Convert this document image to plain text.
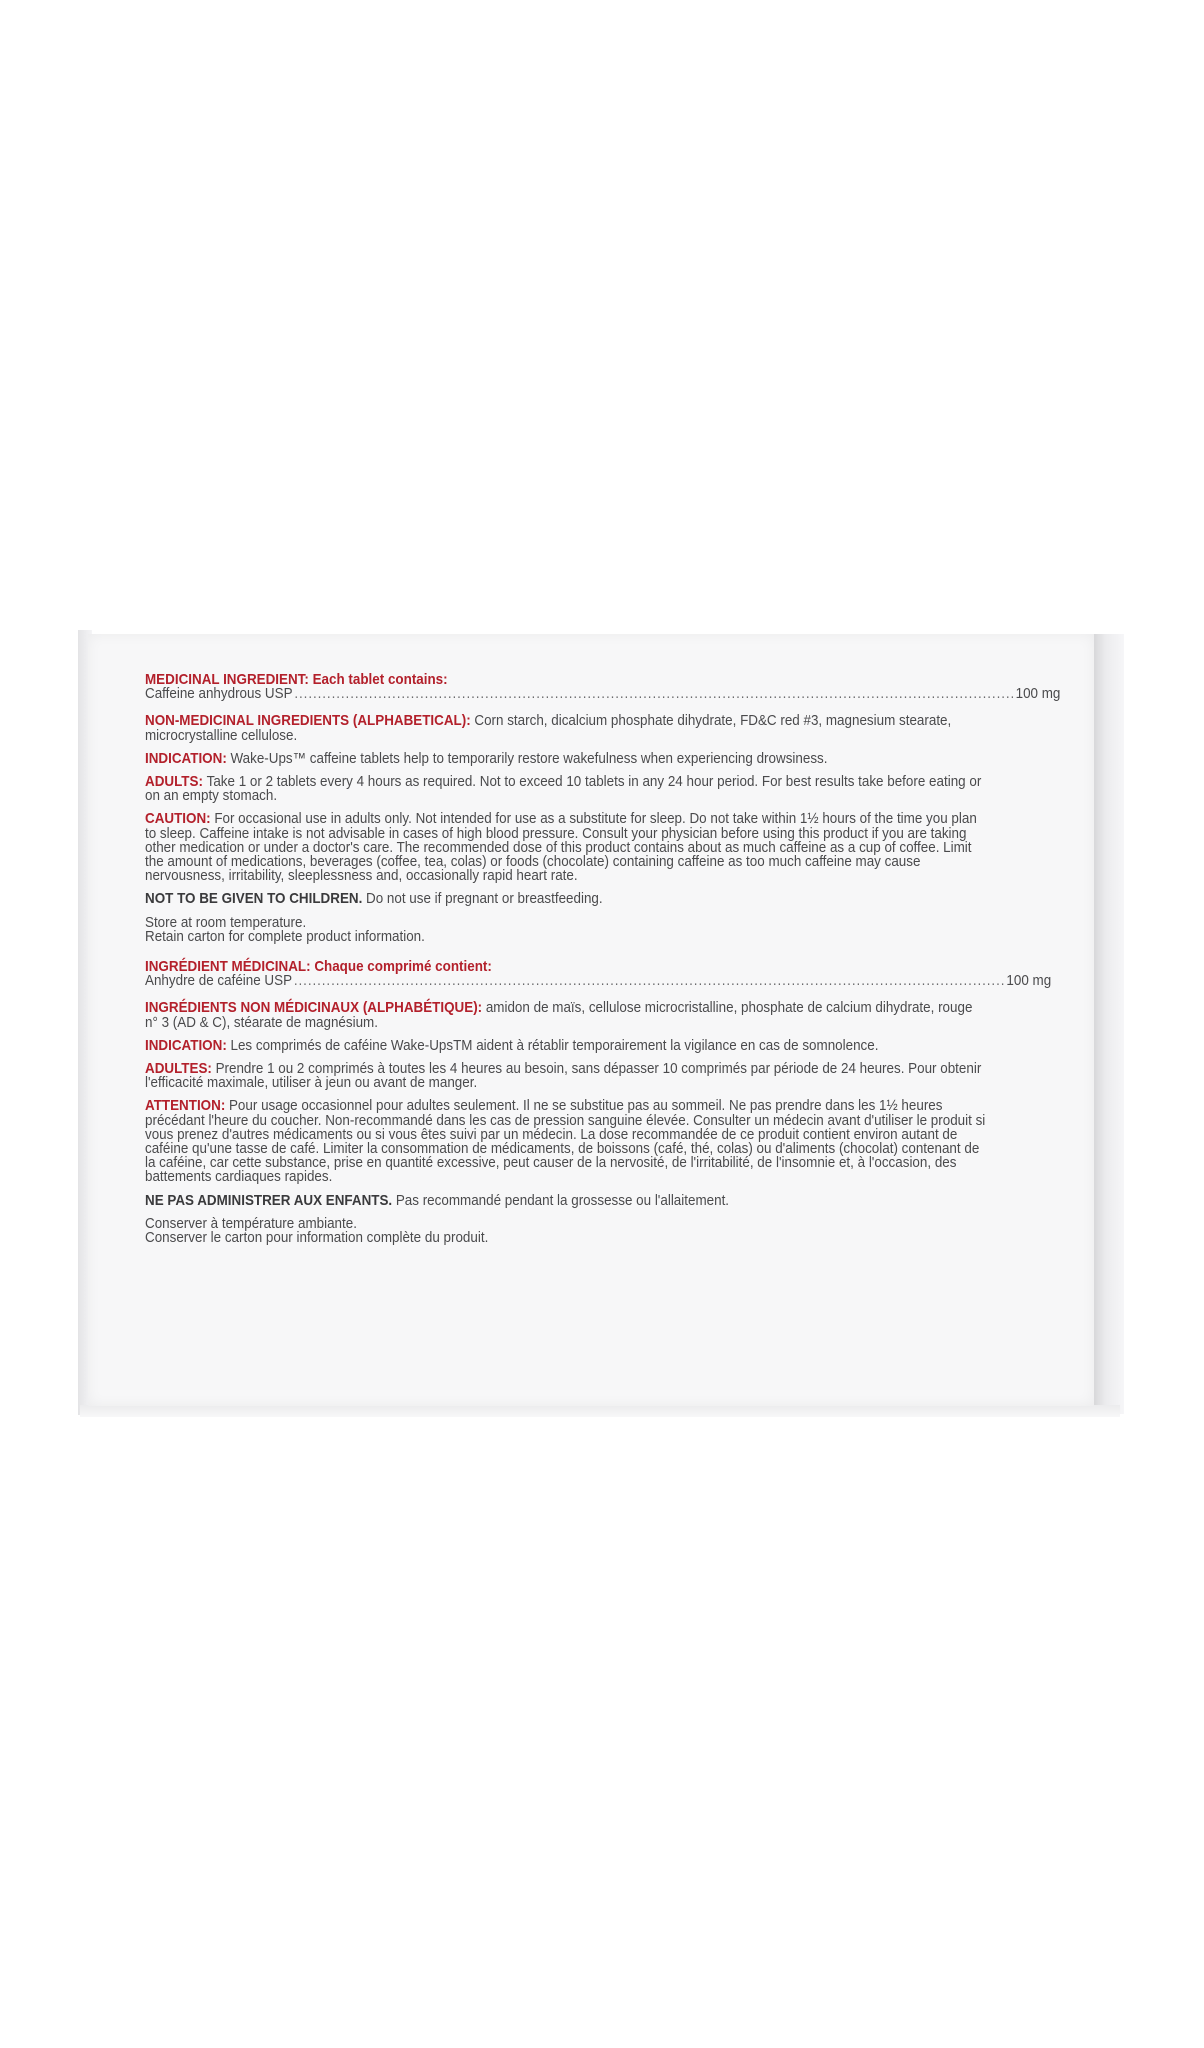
MEDICINAL INGREDIENT: Each tablet contains:

Caffeine anhydrous USP .....	100 mg

NON-MEDICINAL INGREDIENTS (ALPHABETICAL): Corn starch, dicalcium phosphate dihydrate, FD&C red #3, magnesium stearate, microcrystalline cellulose.

INDICATION: Wake-Ups™ caffeine tablets help to temporarily restore wakefulness when experiencing drowsiness.

ADULTS: Take 1 or 2 tablets every 4 hours as required. Not to exceed 10 tablets in any 24 hour period. For best results take before eating or on an empty stomach.

CAUTION: For occasional use in adults only. Not intended for use as a substitute for sleep. Do not take within 1½ hours of the time you plan to sleep. Caffeine intake is not advisable in cases of high blood pressure. Consult your physician before using this product if you are taking other medication or under a doctor's care. The recommended dose of this product contains about as much caffeine as a cup of coffee. Limit the amount of medications, beverages (coffee, tea, colas) or foods (chocolate) containing caffeine as too much caffeine may cause nervousness, irritability, sleeplessness and, occasionally rapid heart rate.

NOT TO BE GIVEN TO CHILDREN. Do not use if pregnant or breastfeeding.

Store at room temperature.

Retain carton for complete product information.

INGRÉDIENT MÉDICINAL: Chaque comprimé contient:

Anhydre de caféine USP .....	100 mg

INGRÉDIENTS NON MÉDICINAUX (ALPHABÉTIQUE): amidon de maïs, cellulose microcristalline, phosphate de calcium dihydrate, rouge n° 3 (AD & C), stéarate de magnésium.

INDICATION: Les comprimés de caféine Wake-UpsTM aident à rétablir temporairement la vigilance en cas de somnolence.

ADULTES: Prendre 1 ou 2 comprimés à toutes les 4 heures au besoin, sans dépasser 10 comprimés par période de 24 heures. Pour obtenir l'efficacité maximale, utiliser à jeun ou avant de manger.

ATTENTION: Pour usage occasionnel pour adultes seulement. Il ne se substitue pas au sommeil. Ne pas prendre dans les 1½ heures précédant l'heure du coucher. Non-recommandé dans les cas de pression sanguine élevée. Consulter un médecin avant d'utiliser le produit si vous prenez d'autres médicaments ou si vous êtes suivi par un médecin. La dose recommandée de ce produit contient environ autant de caféine qu'une tasse de café. Limiter la consommation de médicaments, de boissons (café, thé, colas) ou d'aliments (chocolat) contenant de la caféine, car cette substance, prise en quantité excessive, peut causer de la nervosité, de l'irritabilité, de l'insomnie et, à l'occasion, des battements cardiaques rapides.

NE PAS ADMINISTRER AUX ENFANTS. Pas recommandé pendant la grossesse ou l'allaitement.

Conserver à température ambiante.

Conserver le carton pour information complète du produit.
